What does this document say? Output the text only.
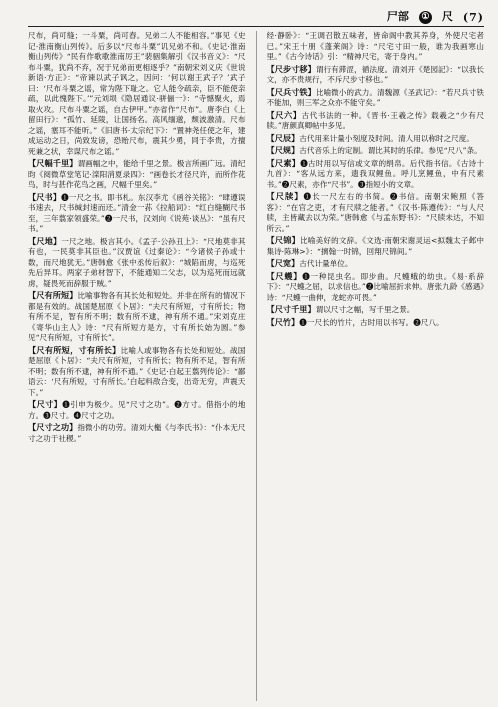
尸部 ① 尺 (7)

尺布，尚可缝；一斗粟，尚可舂。兄弟二人不能相容。”事见《史记·淮南衡山列传》。后多以“尺布斗粟”讥兄弟不和。《史记·淮南衡山列传》“民有作歌歌淮南厉王”裴骃集解引《汉书音义》：“尺布斗粟，犹尚不弃，况于兄弟而更相逐乎？”南朝宋刘义庆《世说新语·方正》：“帝谏以武子讽之，因问：‘何以谢王武子？’武子曰：‘尺布斗粟之谣，常为陛下耻之。它人能令疏亲，臣不能使亲疏，以此愧陛下。’”元刘埙《隐居通议·骈俪一》：“寺憾聚火，焉取火攻。尺布斗粟之谣，自古伊甲。”亦省作“尺布”。唐李白《上留田行》：“孤竹、延陵，让国扬名。高风缅邈，颓波激清。尺布之谣，塞耳不能听。”《旧唐书·太宗纪下》：“置神尧任使之年，建成运动之日，尚致发谤，恐贻尺布，震其少勇，同于李贵，方擅死兼之状，幸谋尺布之谣。”

【 尺幅千里 】 谓画幅之中，能给千里之景。极言所画广远。清纪昀《阅微草堂笔记·滦阳消夏录四》：“画卷长才径尺许，而所作花鸟，时与甚作花鸟之画，尺幅千里矣。”

【 尺书 】 ❶一尺之书。即书札。东汉李尤《函谷关铭》：“肆遵误书速去，尺书缄封速而还。”清金一荪《拉船词》：“红白缝醐尺书至，三年翦家领盛荣。”❷一尺书，汉刘向《说苑·谈丛》：“虽有尺书。”

【 尺地 】 一尺之地。极言其小。《孟子·公孙丑上》：“尺地莫非其有也，一民莫非其臣也。”汉贾谊《过秦论》：“今诸侯子孙或十数，而尺地犹无。”唐韩愈《张中丞传后叙》：“城陷而虏，与巡死先后异耳。两家子弟材智下，不能通知二父志，以为巡死而远就虏，疑畏死而辞服于贼。”

【 尺有所短 】 比喻事物各有其长处和短处。并非在所有的情况下都是有效的。战国楚屈原《卜居》：“夫尺有所短，寸有所长；物有所不足，智有所不明；数有所不逮，神有所不通。”宋刘克庄《寄华山主人》诗：“尺有所短方是方，寸有所长始为圆。”参见“尺有所短，寸有所长”。

【 尺有所短，寸有所长 】 比喻人或事物各有长处和短处。战国楚屈原《卜居》：“夫尺有所短，寸有所长；物有所不足，智有所不明；数有所不逮，神有所不通。”《史记·白起王翦列传论》：“鄙语云：‘尺有所短，寸有所长。’白起料敌合变，出奇无穷，声震天下。”

【 尺寸 】 ❶引申为极少。见“尺寸之功”。❷方寸。借指小的地方。❸尺寸。❹尺寸之功。

【 尺寸之功 】 指微小的功劳。清刘大櫆《与李氏书》：“仆本无尺寸之功于社稷。”

经·静卧》：“王调召散五味者，皆命阁中教其养身，外使尺宅者已。”宋王十朋《蓬莱阁》诗：“尺宅寸田一般，谁为我画寒山里。”《古今诗话》引：“精神尺宅，寄于身内。”

【 尺步寸移 】 谓行有滞涩，循法度。清刘开《楚园記》：“以我长文，亦不贵规行，不斥尺步寸移也。”

【 尺兵寸铁 】 比喻微小的武力。清魏源《圣武记》：“若尺兵寸铁不能加，则三军之众亦不能守矣。”

【 尺六 】 古代书法的一种。《晋书·王羲之传》载羲之“少有尺牍。”唐颜真卿帖中多见。

【 尺辰 】 古代用来计量小刻度及时间。清人用以称时之尺度。

【 尺规 】 古代音乐上的定制。谓比其时的乐律。参见“尺八”条。

【 尺素 】 ❶古时用以写信或文章的绢帛。后代指书信。《古诗十九首》：“客从远方来，遗我双鲤鱼。呼儿烹鲤鱼，中有尺素书。”❷尺素，亦作“尺书”。❸指短小的文章。

【 尺牍 】 ❶长一尺左右的书简。❷书信。南朝宋鲍照《答客》：“在官之吏，才有尺牍之能者。”《汉书·陈遵传》：“与人尺牍，主皆藏去以为荣。”唐韩愈《与孟东野书》：“尺牍未达，不知所云。”

【 尺锦 】 比喻美好的文辞。《文选·南朝宋谢灵运<拟魏太子邺中集诗·陈琳>》：“摛翰一时锦，回翔尺锦间。”

【 尺宽 】 古代计量单位。

【 尺蠖 】 ❶一种昆虫名。即步曲。尺蠖蛾的幼虫。《易·系辞下》：“尺蠖之屈，以求信也。”❷比喻屈折求伸。唐张九龄《感遇》诗：“尺蠖一曲伸，龙蛇亦可畏。”

【 尺寸千里 】 谓以尺寸之幅，写千里之景。

【 尺竹 】 ❶一尺长的竹片，古时用以书写。❷尺八。
